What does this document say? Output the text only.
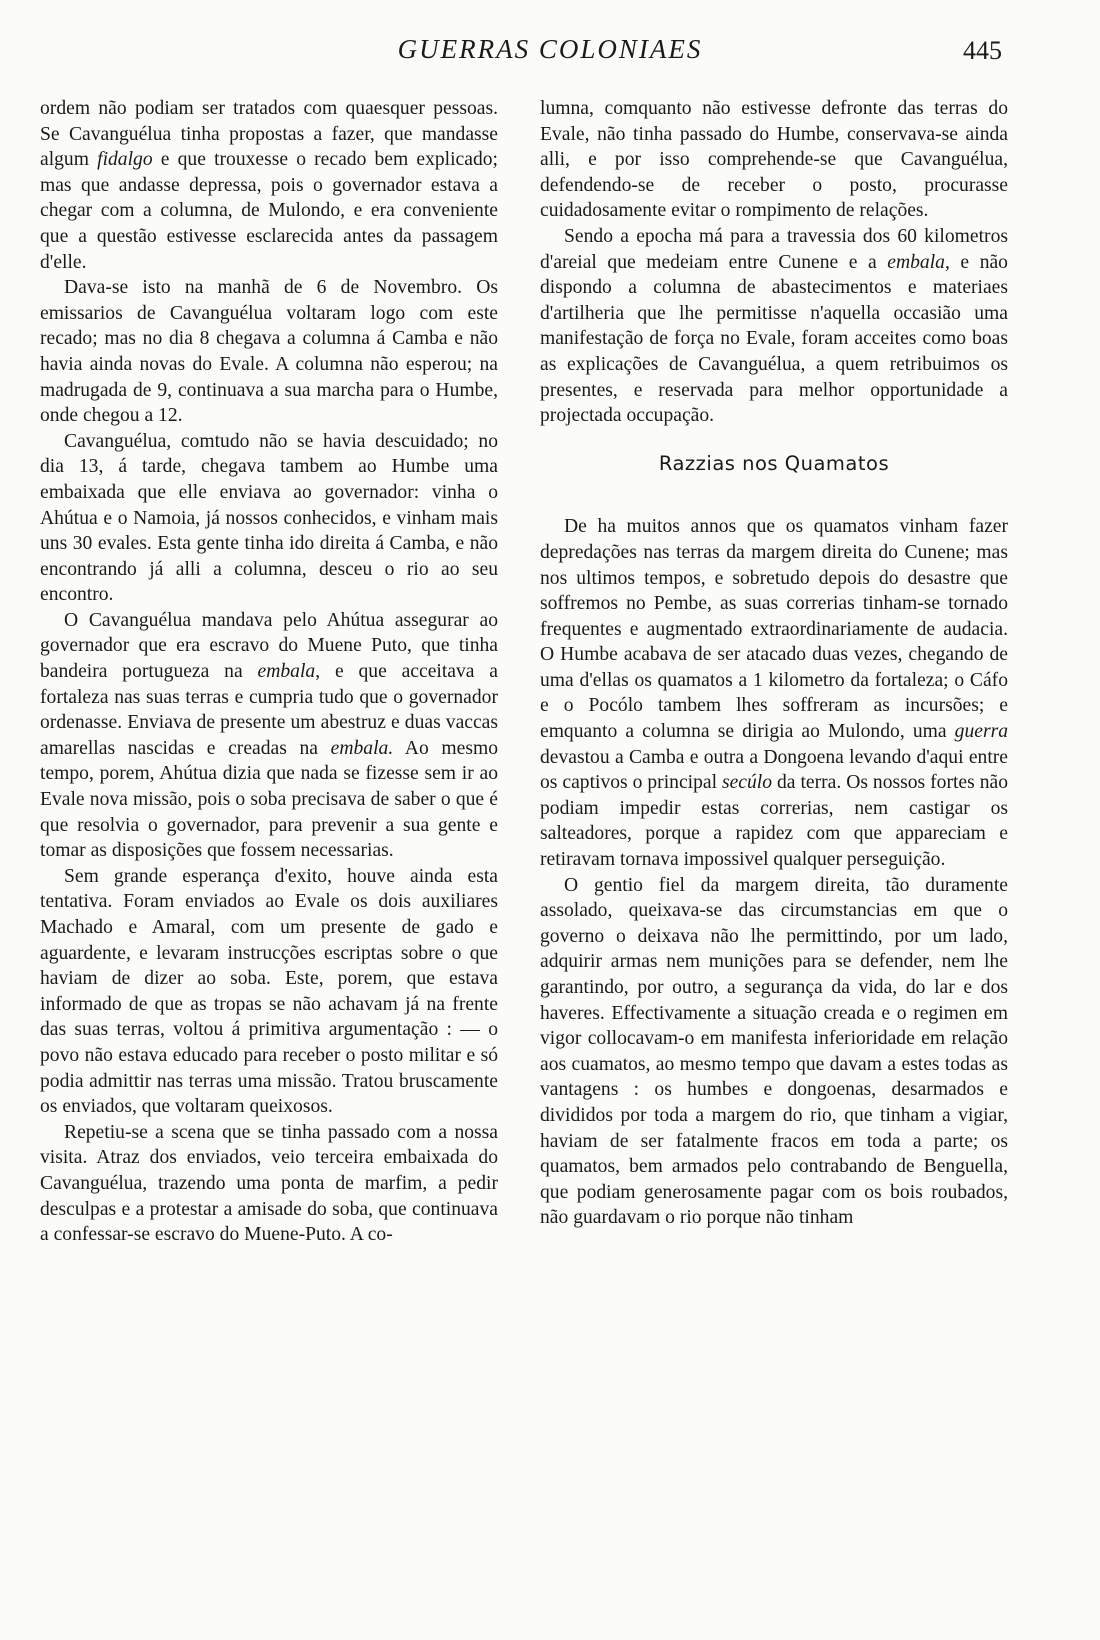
GUERRAS COLONIAES	445

ordem não podiam ser tratados com quaesquer pessoas. Se Cavanguélua tinha propostas a fazer, que mandasse algum fidalgo e que trouxesse o recado bem explicado; mas que andasse depressa, pois o governador estava a chegar com a columna, de Mulondo, e era conveniente que a questão estivesse esclarecida antes da passagem d'elle.

Dava-se isto na manhã de 6 de Novembro. Os emissarios de Cavanguélua voltaram logo com este recado; mas no dia 8 chegava a columna á Camba e não havia ainda novas do Evale. A columna não esperou; na madrugada de 9, continuava a sua marcha para o Humbe, onde chegou a 12.

Cavanguélua, comtudo não se havia descuidado; no dia 13, á tarde, chegava tambem ao Humbe uma embaixada que elle enviava ao governador: vinha o Ahútua e o Namoia, já nossos conhecidos, e vinham mais uns 30 evales. Esta gente tinha ido direita á Camba, e não encontrando já alli a columna, desceu o rio ao seu encontro.

O Cavanguélua mandava pelo Ahútua assegurar ao governador que era escravo do Muene Puto, que tinha bandeira portugueza na embala, e que acceitava a fortaleza nas suas terras e cumpria tudo que o governador ordenasse. Enviava de presente um abestruz e duas vaccas amarellas nascidas e creadas na embala. Ao mesmo tempo, porem, Ahútua dizia que nada se fizesse sem ir ao Evale nova missão, pois o soba precisava de saber o que é que resolvia o governador, para prevenir a sua gente e tomar as disposições que fossem necessarias.

Sem grande esperança d'exito, houve ainda esta tentativa. Foram enviados ao Evale os dois auxiliares Machado e Amaral, com um presente de gado e aguardente, e levaram instrucções escriptas sobre o que haviam de dizer ao soba. Este, porem, que estava informado de que as tropas se não achavam já na frente das suas terras, voltou á primitiva argumentação : — o povo não estava educado para receber o posto militar e só podia admittir nas terras uma missão. Tratou bruscamente os enviados, que voltaram queixosos.

Repetiu-se a scena que se tinha passado com a nossa visita. Atraz dos enviados, veio terceira embaixada do Cavanguélua, trazendo uma ponta de marfim, a pedir desculpas e a protestar a amisade do soba, que continuava a confessar-se escravo do Muene-Puto. A co-

lumna, comquanto não estivesse defronte das terras do Evale, não tinha passado do Humbe, conservava-se ainda alli, e por isso comprehende-se que Cavanguélua, defendendo-se de receber o posto, procurasse cuidadosamente evitar o rompimento de relações.

Sendo a epocha má para a travessia dos 60 kilometros d'areial que medeiam entre Cunene e a embala, e não dispondo a columna de abastecimentos e materiaes d'artilheria que lhe permitisse n'aquella occasião uma manifestação de força no Evale, foram acceites como boas as explicações de Cavanguélua, a quem retribuimos os presentes, e reservada para melhor opportunidade a projectada occupação.

Razzias nos Quamatos

De ha muitos annos que os quamatos vinham fazer depredações nas terras da margem direita do Cunene; mas nos ultimos tempos, e sobretudo depois do desastre que soffremos no Pembe, as suas correrias tinham-se tornado frequentes e augmentado extraordinariamente de audacia. O Humbe acabava de ser atacado duas vezes, chegando de uma d'ellas os quamatos a 1 kilometro da fortaleza; o Cáfo e o Pocólo tambem lhes soffreram as incursões; e emquanto a columna se dirigia ao Mulondo, uma guerra devastou a Camba e outra a Dongoena levando d'aqui entre os captivos o principal secúlo da terra. Os nossos fortes não podiam impedir estas correrias, nem castigar os salteadores, porque a rapidez com que appareciam e retiravam tornava impossivel qualquer perseguição.

O gentio fiel da margem direita, tão duramente assolado, queixava-se das circumstancias em que o governo o deixava não lhe permittindo, por um lado, adquirir armas nem munições para se defender, nem lhe garantindo, por outro, a segurança da vida, do lar e dos haveres. Effectivamente a situação creada e o regimen em vigor collocavam-o em manifesta inferioridade em relação aos cuamatos, ao mesmo tempo que davam a estes todas as vantagens : os humbes e dongoenas, desarmados e divididos por toda a margem do rio, que tinham a vigiar, haviam de ser fatalmente fracos em toda a parte; os quamatos, bem armados pelo contrabando de Benguella, que podiam generosamente pagar com os bois roubados, não guardavam o rio porque não tinham
